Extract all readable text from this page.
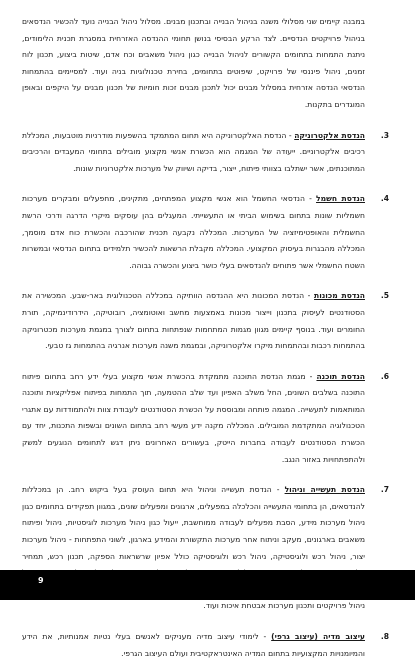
במבנה קיימים שני מסלולי משנה בניהול הבנייה ובתכנון מבנים. מסלול ניהול הבנייה נועד להכשיר הנדסאים בניהול פרויקטים הנדסיים. לצד הרקע הבסיסי בנושן תחומי ההנדסה האזרחית במסגרת תכנית הלימודים, ניתנת התמחות בתחומים הקשורים לניהול הבנייה כגון ניהול משאבים וכח אדם, שיטות ביצוע, תכנון לוח זמנים, ניהול פיננסי של פרויקט, שיפוטים בתחומים, בחירת טכנולוגיות בניה ועוד. למסיימים בהתמחות הנדסאי הנדסה אזרחית במסלול מבנים יכול לתכנן מבנים זכות חומיות של תכנון מבנים על היקפים ובאופן המוגדרים בתקנות.

3.
הנדסת אלקטרוניקה - הנדסת האלקטרוניקה היא תחום המתמקד בהשפעות מודרניות מוטבעות, המכללת רכיבים אלקטרוניים. ייעודה של המגמה הוא הכשרת אנשי מקצוע מובילים בתחומי המעבדים והרכיבים המתוכנתים, אשר ישתלבו בצוותי פיתוח, ייצור, בדיקה ושיווק של מערכות אלקטרוניות שונות.
4.
הנדסת חשמל - הנדסאי החשמל הוא אנשי מקצוע המפתחים, מתקינים, מחפעלים ומבקרים מערכות חשמליות שונות בתחום בשימוש הביתי או התעשייתי. המעגלים בהן עוסקים מיקרי הדרגה ודרכי הרשת החשמלית והאופטימיזציה של המערכות. המכללה נקבעה תכנית שהורכבה והכשרת כוח אדם מוסמך, המכללה מהבגרות בעיסוק המקצועי. המכללה מקבלת הרשאות להכשיר תלמידים בתחום הנדסאי ובמשרות השטח החשמלי אשר פתוחים להנדסאים בעלי כושר ביצוע והכשרה גבוהה.
5.
הנדסת מכונות - הנדסת המכונות היא ההנדסה הוותיקה במכללה הטכנולוגית באר-שבע. המכשירה את הסטודנטים לעיסוק בתכנון וייצור מכונות באמצעות מחשב ואוטומציה, רובוטיקה, הידרודינמיקה, תורת החומרים ועוד. בנוסף קיימים מגוון מגמות המתחמות שנפתחות בתחום לצורך במגמת מערכות מכטרוניקה בהתמחות רכבות ובהתמחות מיקרו אלקטרוניקה, ובמגמת משנה מערכות אנרגיה בהתמחות גז טבעי.
6.
הנדסת תוכנה - מגמת הנדסת התוכנה מתמקדת בהכשרת אנשי מקצוע בעלי ידע רחב בתחום פיתוח התוכנה בשלבים השונים, החל משלב האפיון ועד שלב ההטמעה, תוך התמחות בפיתוח אפליקציות ותוכנה המותאמות לתעשייה. המגמה פותחה ומבוססת על הכשרת הסטודנטים לעבודת צוות ולהתמודדות עם אתגרי הטכנולוגיה המתקדמת המובילים. המכללה מקנה ידע מעשי רחב בתחום השונים ובשפות התכנות, יחד עם הכשרת הסטודנטים לעבודה בחברות הייטק, בעשורים האחרונים ניתן דגש לתחומים הנוגעים למשק ולהתפתחויות באזור הנגב.
7.
הנדסת תעשייה וניהול - הנדסת תעשייה וניהול היא תחום העוסק בעל ביקוש רחב. הן במכללות להנדסאים, הן בתחומי התעשייה והכלכלה במפעלים, ארגונים ומפעלים שונים, במגוון תפקידים בתחומים כגון ניהול מערכות מידע, הסבת מפעלים לעבודה ממוחשבת, ייעול כגון ניהול מערכות לוגיסטיות, ניהול ופיתוח משאבים בארגונים, מעקב וניתוח אחר מערכות התקשורת והמידע בארגון, לשוני התפתחות - ניהול מערכות יצור, ניהול רכש ולוגיסטיקה, ניהול רכש ולוגיסטיקה כולל אפיון שרשראות הספקה, תכנון רכש, תמחיר ניהול פרויקטים ותכנון מערכות אבטחת איכות ועוד.
8.
עיצוב מדיה (עיצוב גרפי) - לימודי עיצוב מדיה מעניקים לאנשים בעלי נטיות אמנותיות, את הידע והמיומנויות המקצועיות בתחום המדיה האינטראקטיבית ועולם העיצוב הגרפי.
9
